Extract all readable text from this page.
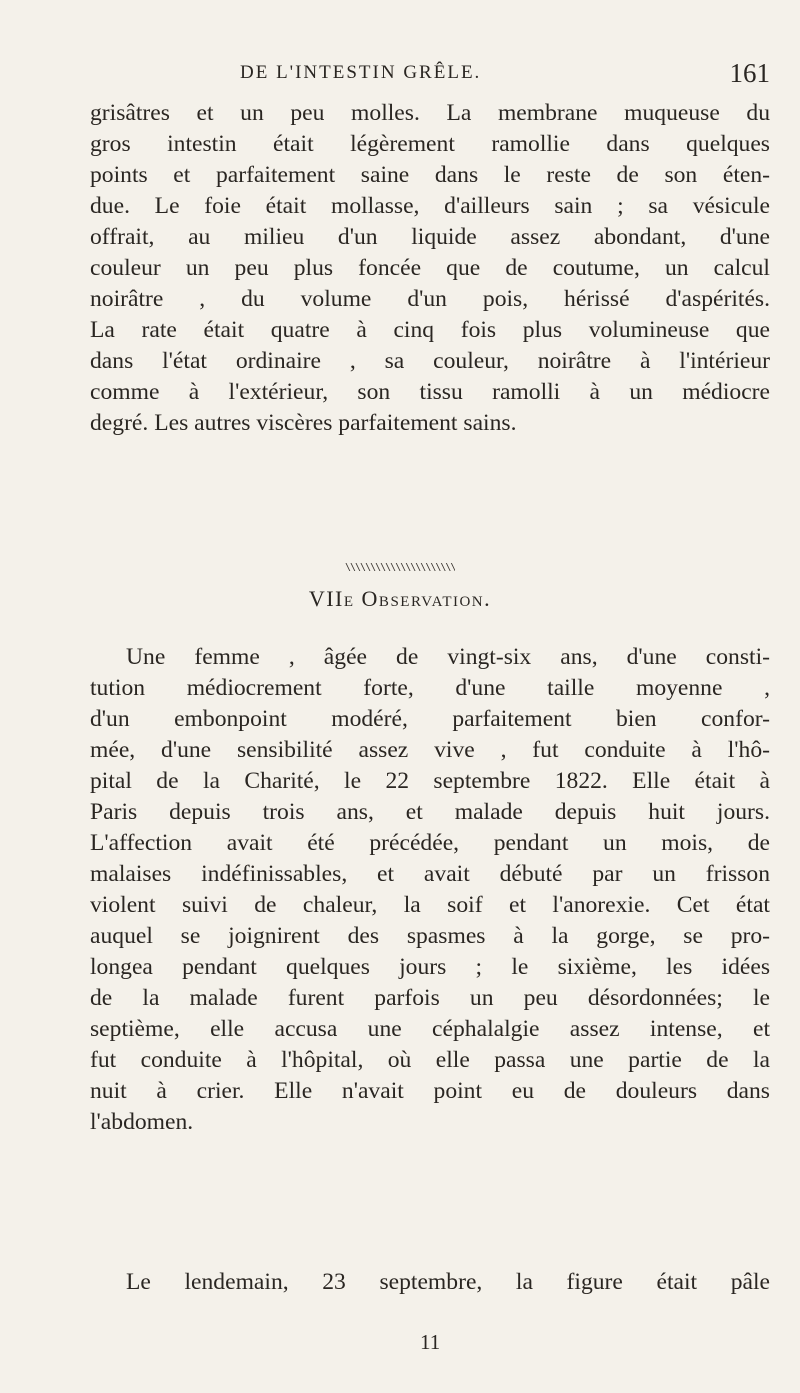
DE L'INTESTIN GRÊLE.	161
grisâtres et un peu molles. La membrane muqueuse du
gros intestin était légèrement ramollie dans quelques
points et parfaitement saine dans le reste de son éten-
due. Le foie était mollasse, d'ailleurs sain ; sa vésicule
offrait, au milieu d'un liquide assez abondant, d'une
couleur un peu plus foncée que de coutume, un calcul
noirâtre , du volume d'un pois, hérissé d'aspérités.
La rate était quatre à cinq fois plus volumineuse que
dans l'état ordinaire , sa couleur, noirâtre à l'intérieur
comme à l'extérieur, son tissu ramolli à un médiocre
degré. Les autres viscères parfaitement sains.
\\\\\\\\\\\\\\\\\\\\\\
VIIe Observation.
Une femme , âgée de vingt-six ans, d'une consti-
tution médiocrement forte, d'une taille moyenne ,
d'un embonpoint modéré, parfaitement bien confor-
mée, d'une sensibilité assez vive , fut conduite à l'hô-
pital de la Charité, le 22 septembre 1822. Elle était à
Paris depuis trois ans, et malade depuis huit jours.
L'affection avait été précédée, pendant un mois, de
malaises indéfinissables, et avait débuté par un frisson
violent suivi de chaleur, la soif et l'anorexie. Cet état
auquel se joignirent des spasmes à la gorge, se pro-
longea pendant quelques jours ; le sixième, les idées
de la malade furent parfois un peu désordonnées; le
septième, elle accusa une céphalalgie assez intense, et
fut conduite à l'hôpital, où elle passa une partie de la
nuit à crier. Elle n'avait point eu de douleurs dans
l'abdomen.
Le lendemain, 23 septembre, la figure était pâle
11
